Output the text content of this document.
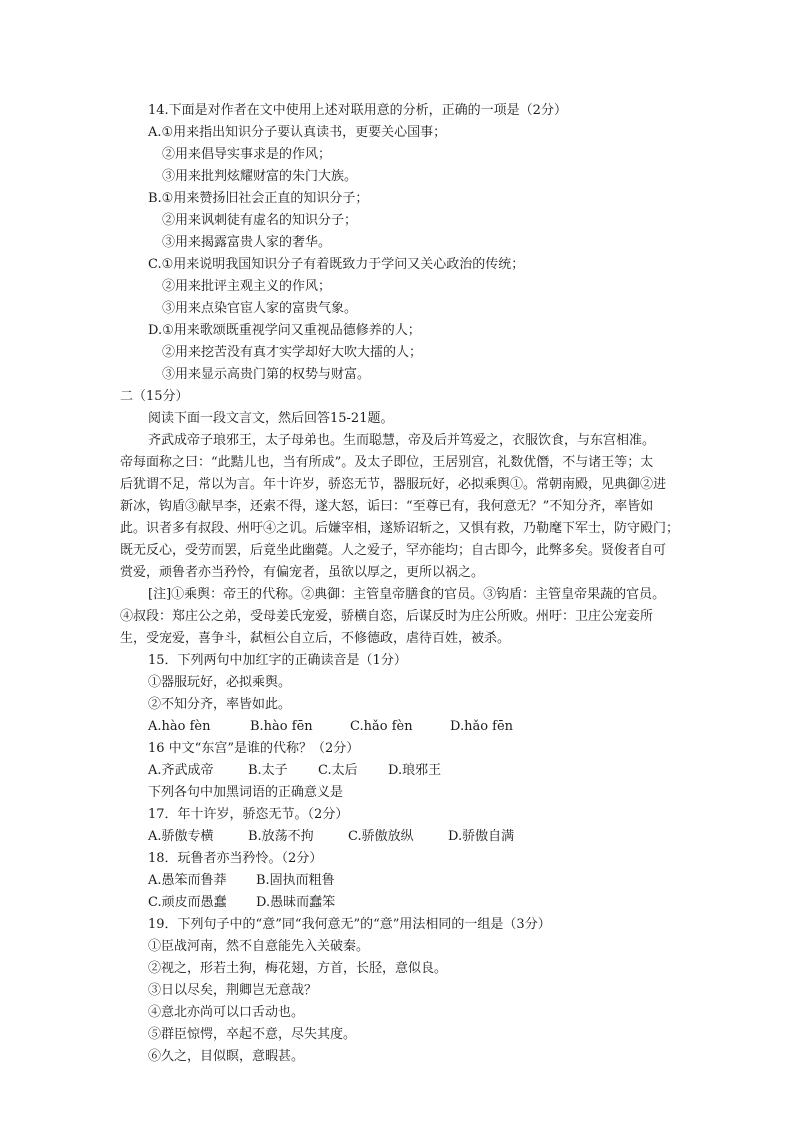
14.下面是对作者在文中使用上述对联用意的分析，正确的一项是（2分）
A.①用来指出知识分子要认真读书，更要关心国事；
②用来倡导实事求是的作风；
③用来批判炫耀财富的朱门大族。
B.①用来赞扬旧社会正直的知识分子；
②用来讽刺徒有虚名的知识分子；
③用来揭露富贵人家的奢华。
C.①用来说明我国知识分子有着既致力于学问又关心政治的传统；
②用来批评主观主义的作风；
③用来点染官宦人家的富贵气象。
D.①用来歌颂既重视学问又重视品德修养的人；
②用来挖苦没有真才实学却好大吹大擂的人；
③用来显示高贵门第的权势与财富。
二（15分）
阅读下面一段文言文，然后回答15-21题。
齐武成帝子琅邪王，太子母弟也。生而聪慧，帝及后并笃爱之，衣服饮食，与东宫相准。
帝每面称之曰：“此黠儿也，当有所成”。及太子即位，王居别宫，礼数优僭，不与诸王等；太
后犹谓不足，常以为言。年十许岁，骄恣无节，器服玩好，必拟乘舆①。常朝南殿，见典御②进
新冰，钩盾③献早李，还索不得，遂大怒，诟曰：“至尊已有，我何意无？”不知分齐，率皆如
此。识者多有叔段、州吁④之讥。后嫌宰相，遂矫诏斩之，又惧有救，乃勒麾下军士，防守殿门；
既无反心，受劳而罢，后竟坐此幽薨。人之爱子，罕亦能均；自古即今，此弊多矣。贤俊者自可
赏爱，顽鲁者亦当矜怜，有偏宠者，虽欲以厚之，更所以祸之。
[注]①乘舆：帝王的代称。②典御：主管皇帝膳食的官员。③钩盾：主管皇帝果蔬的官员。
④叔段：郑庄公之弟，受母姜氏宠爱，骄横自恣，后谋反时为庄公所败。州吁：卫庄公宠妾所
生，受宠爱，喜争斗，弑桓公自立后，不修德政，虐待百姓，被杀。
15．下列两句中加红字的正确读音是（1分）
①器服玩好，必拟乘舆。
②不知分齐，率皆如此。
A.hào fèn	B.hào fēn	C.hǎo fèn	D.hǎo fēn
16 中文“东宫”是谁的代称？（2分）
A.齐武成帝	B.太子 C.太后 D.琅邪王
下列各句中加黑词语的正确意义是
17．年十许岁，骄恣无节。（2分）
A.骄傲专横	B.放荡不拘	C.骄傲放纵	D.骄傲自满
18．玩鲁者亦当矜怜。（2分）
A.愚笨而鲁莽 B.固执而粗鲁
C.顽皮而愚蠢 D.愚昧而蠢笨
19．下列句子中的“意”同“我何意无”的“意”用法相同的一组是（3分）
①臣战河南，然不自意能先入关破秦。
②视之，形若土狗，梅花翅，方首，长胫，意似良。
③日以尽矣，荆卿岂无意哉？
④意北亦尚可以口舌动也。
⑤群臣惊愕，卒起不意，尽失其度。
⑥久之，目似瞑，意暇甚。
